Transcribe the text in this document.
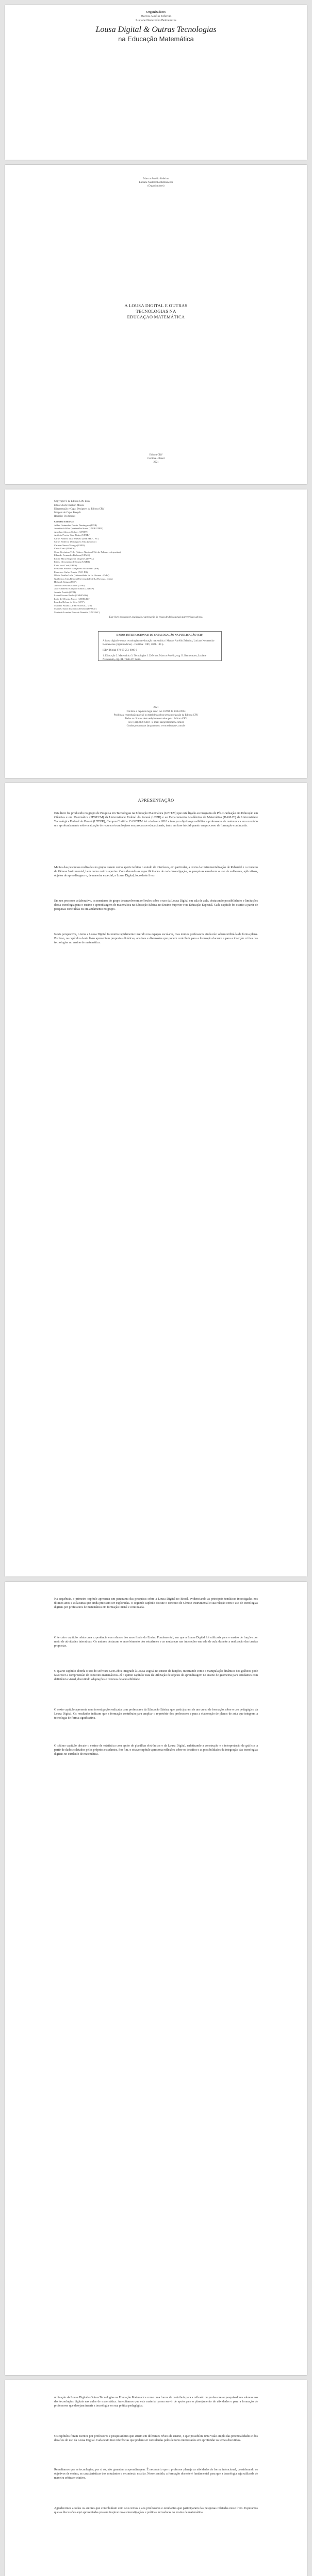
Organizadores
Marcos Aurélio Zeferino
Luciane Nesterenko Betmenezes
Lousa Digital & Outras Tecnologias
na Educação Matemática
Marcos Aurélio Zeferino
Luciane Nesterenko Betmenezes
(Organizadores)
A LOUSA DIGITAL E OUTRAS
TECNOLOGIAS NA
EDUCAÇÃO MATEMÁTICA
Editora CRV
Curitiba – Brasil
2021
Copyright © da Editora CRV Ltda.
Editor-chefe: Railson Moura
Diagramação e Capa: Designers da Editora CRV
Imagem de Capa: Freepik
Revisão: Os Autores
Conselho Editorial:
Aldira Guimarães Duarte Domínguez (UNB)
Andréia da Silva Quintanilha Sousa (UNIR/UFRN)
Anselmo Alencar Colares (UFOPA)
Antônio Pereira Gaio Júnior (UFRRJ)
Carlos Alberto Vilar Estêvão (UMINHO – PT)
Carlos Federico Dominguez Avila (Unieuro)
Carmen Tereza Velanga (UNIR)
Celso Conti (UFSCar)
Cesar Gerónimo Tello (Univer. Nacional Três de Febrero – Argentina)
Eduardo Fernandes Barbosa (UFMG)
Elione Maria Nogueira Diogenes (UFAL)
Elizeu Clementino de Souza (UNEB)
Élsio José Corá (UFFS)
Fernando Antônio Gonçalves Alcoforado (IPB)
Francisco Carlos Duarte (PUC-PR)
Gloria Fariñas León (Universidade de La Havana – Cuba)
Guillermo Arias Beatón (Universidade de La Havana – Cuba)
Helmuth Krüger (UCP)
Jailson Alves dos Santos (UFRJ)
João Adalberto Campato Junior (UNESP)
Josania Portela (UFPI)
Leonel Severo Rocha (UNISINOS)
Lídia de Oliveira Xavier (UNIEURO)
Lourdes Helena da Silva (UFV)
Marcelo Paixão (UFRJ e UTexas – US)
Maria Cristina dos Santos Bezerra (UFSCar)
Maria de Lourdes Pinto de Almeida (UNOESC)
Este livro passou por avaliação e aprovação às cegas de dois ou mais pareceristas ad hoc.

DADOS INTERNACIONAIS DE CATALOGAÇÃO NA PUBLICAÇÃO (CIP)

A lousa digital e outras tecnologias na educação matemática / Marcos Aurélio Zeferino, Luciane Nesterenko Betmenezes (organizadores) – Curitiba : CRV, 2021. 184 p.

ISBN Digital 978-65-251-0000-0

1. Educação 2. Matemática 3. Tecnologias I. Zeferino, Marcos Aurélio, org. II. Betmenezes, Luciane Nesterenko, org. III. Título IV. Série.

2021
Foi feito o depósito legal conf. Lei 10.994 de 14/12/2004
Proibida a reprodução parcial ou total desta obra sem autorização da Editora CRV
Todos os direitos desta edição reservados pela: Editora CRV
Tel.: (41) 3039-6418 - E-mail: sac@editoracrv.com.br
Conheça os nossos lançamentos: www.editoracrv.com.br
APRESENTAÇÃO

Esta livro foi produzido no grupo de Pesquisa em Tecnologias na Educação Matemática (GPTEM) que está ligado ao Programa de Pós-Graduação em Educação em Ciências e em Matemática (PPGECM) da Universidade Federal do Paraná (UFPR) e ao Departamento Acadêmico de Matemática (DAMAT) da Universidade Tecnológica Federal do Paraná (UTFPR), Campus Curitiba. O GPTEM foi criado em 2018 e tem por objetivo possibilitar a professores de matemática em exercício um aprofundamento sobre a atuação de recursos tecnológicos em processos educacionais, tanto em fase inicial quanto em processo de formação continuada.

Muitas das pesquisas realizadas no grupo trazem como aporte teórico o estudo de interfaces, em particular, a teoria da Instrumentalização de Rabardel e o conceito de Gênese Instrumental, bem como outros aportes. Considerando as especificidades de cada investigação, as pesquisas envolvem o uso de softwares, aplicativos, objetos de aprendizagem e, de maneira especial, a Lousa Digital, foco deste livro.

Em um processo colaborativo, os membros do grupo desenvolveram reflexões sobre o uso da Lousa Digital em sala de aula, destacando possibilidades e limitações dessa tecnologia para o ensino e aprendizagem de matemática na Educação Básica, no Ensino Superior e na Educação Especial. Cada capítulo foi escrito a partir de pesquisas concluídas ou em andamento no grupo.

Nesta perspectiva, o tema a Lousa Digital foi muito rapidamente inserido nos espaços escolares, mas muitos professores ainda não sabem utilizá-la de forma plena. Por isso, os capítulos deste livro apresentam propostas didáticas, análises e discussões que podem contribuir para a formação docente e para a inserção crítica das tecnologias no ensino de matemática.

Na sequência, o primeiro capítulo apresenta um panorama das pesquisas sobre a Lousa Digital no Brasil, evidenciando as principais temáticas investigadas nos últimos anos e as lacunas que ainda precisam ser exploradas. O segundo capítulo discute o conceito de Gênese Instrumental e sua relação com o uso de tecnologias digitais por professores de matemática em formação inicial e continuada.

O terceiro capítulo relata uma experiência com alunos dos anos finais do Ensino Fundamental, em que a Lousa Digital foi utilizada para o ensino de frações por meio de atividades interativas. Os autores destacam o envolvimento dos estudantes e as mudanças nas interações em sala de aula durante a realização das tarefas propostas.

O quarto capítulo aborda o uso do software GeoGebra integrado à Lousa Digital no ensino de funções, mostrando como a manipulação dinâmica dos gráficos pode favorecer a compreensão de conceitos matemáticos. Já o quinto capítulo trata da utilização de objetos de aprendizagem no ensino de geometria para estudantes com deficiência visual, discutindo adaptações e recursos de acessibilidade.

O sexto capítulo apresenta uma investigação realizada com professores da Educação Básica, que participaram de um curso de formação sobre o uso pedagógico da Lousa Digital. Os resultados indicam que a formação contribuiu para ampliar o repertório dos professores e para a elaboração de planos de aula que integram a tecnologia de forma significativa.

O sétimo capítulo discute o ensino de estatística com apoio de planilhas eletrônicas e da Lousa Digital, enfatizando a construção e a interpretação de gráficos a partir de dados coletados pelos próprios estudantes. Por fim, o oitavo capítulo apresenta reflexões sobre os desafios e as possibilidades da integração das tecnologias digitais no currículo de matemática.

utilização da Lousa Digital e Outras Tecnologias na Educação Matemática como uma forma de contribuir para a reflexão de professores e pesquisadores sobre o uso das tecnologias digitais nas aulas de matemática. Acreditamos que este material possa servir de apoio para o planejamento de atividades e para a formação de professores que desejam inserir a tecnologia em sua prática pedagógica.

Os capítulos foram escritos por professores e pesquisadores que atuam em diferentes níveis de ensino, o que possibilita uma visão ampla das potencialidades e dos desafios do uso da Lousa Digital. Cada texto traz referências que podem ser consultadas pelos leitores interessados em aprofundar os temas discutidos.

Ressaltamos que as tecnologias, por si só, não garantem a aprendizagem. É necessário que o professor planeje as atividades de forma intencional, considerando os objetivos de ensino, as características dos estudantes e o contexto escolar. Nesse sentido, a formação docente é fundamental para que a tecnologia seja utilizada de maneira crítica e criativa.

Agradecemos a todos os autores que contribuíram com seus textos e aos professores e estudantes que participaram das pesquisas relatadas neste livro. Esperamos que as discussões aqui apresentadas possam inspirar novas investigações e práticas inovadoras no ensino de matemática.
